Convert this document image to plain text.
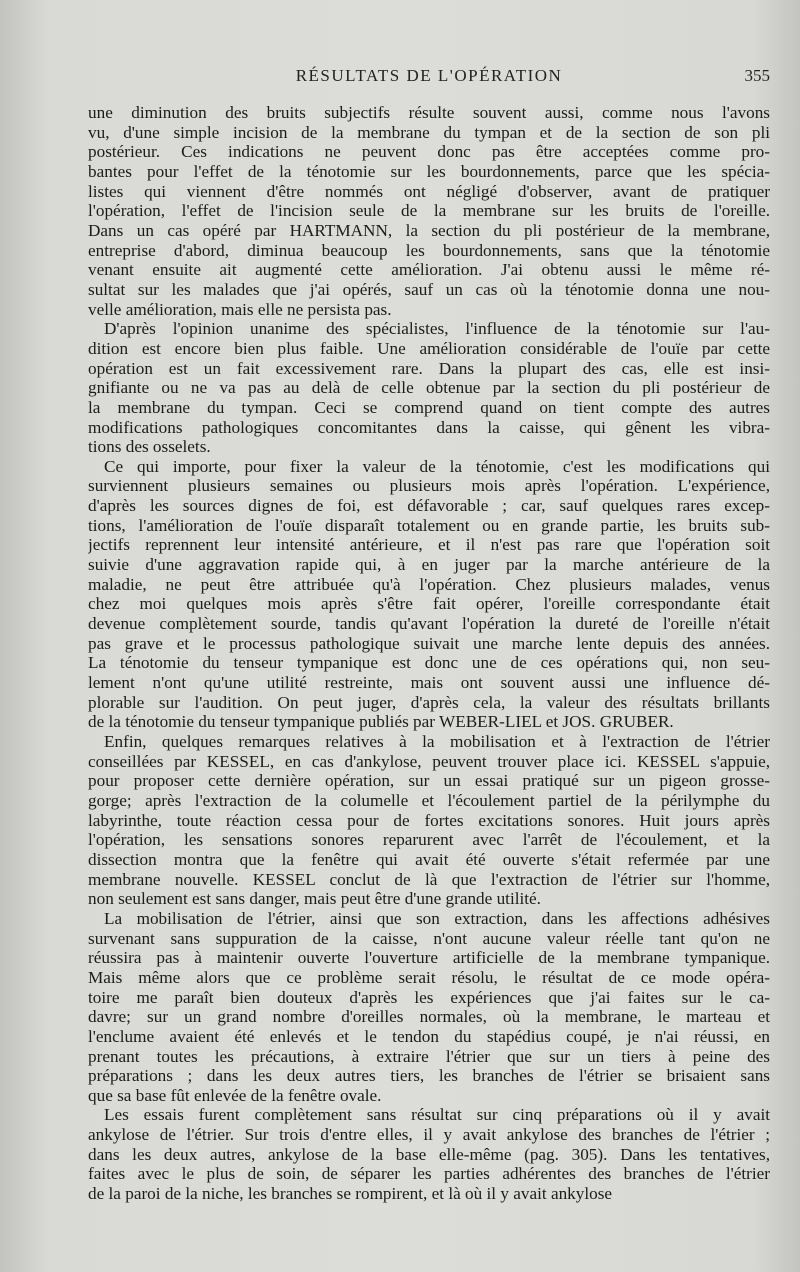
RÉSULTATS DE L'OPÉRATION	355
une diminution des bruits subjectifs résulte souvent aussi, comme nous l'avons
vu, d'une simple incision de la membrane du tympan et de la section de son pli
postérieur. Ces indications ne peuvent donc pas être acceptées comme pro-
bantes pour l'effet de la ténotomie sur les bourdonnements, parce que les spécia-
listes qui viennent d'être nommés ont négligé d'observer, avant de pratiquer
l'opération, l'effet de l'incision seule de la membrane sur les bruits de l'oreille.
Dans un cas opéré par HARTMANN, la section du pli postérieur de la membrane,
entreprise d'abord, diminua beaucoup les bourdonnements, sans que la ténotomie
venant ensuite ait augmenté cette amélioration. J'ai obtenu aussi le même ré-
sultat sur les malades que j'ai opérés, sauf un cas où la ténotomie donna une nou-
velle amélioration, mais elle ne persista pas.
D'après l'opinion unanime des spécialistes, l'influence de la ténotomie sur l'au-
dition est encore bien plus faible. Une amélioration considérable de l'ouïe par cette
opération est un fait excessivement rare. Dans la plupart des cas, elle est insi-
gnifiante ou ne va pas au delà de celle obtenue par la section du pli postérieur de
la membrane du tympan. Ceci se comprend quand on tient compte des autres
modifications pathologiques concomitantes dans la caisse, qui gênent les vibra-
tions des osselets.
Ce qui importe, pour fixer la valeur de la ténotomie, c'est les modifications qui
surviennent plusieurs semaines ou plusieurs mois après l'opération. L'expérience,
d'après les sources dignes de foi, est défavorable ; car, sauf quelques rares excep-
tions, l'amélioration de l'ouïe disparaît totalement ou en grande partie, les bruits sub-
jectifs reprennent leur intensité antérieure, et il n'est pas rare que l'opération soit
suivie d'une aggravation rapide qui, à en juger par la marche antérieure de la
maladie, ne peut être attribuée qu'à l'opération. Chez plusieurs malades, venus
chez moi quelques mois après s'être fait opérer, l'oreille correspondante était
devenue complètement sourde, tandis qu'avant l'opération la dureté de l'oreille n'était
pas grave et le processus pathologique suivait une marche lente depuis des années.
La ténotomie du tenseur tympanique est donc une de ces opérations qui, non seu-
lement n'ont qu'une utilité restreinte, mais ont souvent aussi une influence dé-
plorable sur l'audition. On peut juger, d'après cela, la valeur des résultats brillants
de la ténotomie du tenseur tympanique publiés par WEBER-LIEL et JOS. GRUBER.
Enfin, quelques remarques relatives à la mobilisation et à l'extraction de l'étrier
conseillées par KESSEL, en cas d'ankylose, peuvent trouver place ici. KESSEL s'appuie,
pour proposer cette dernière opération, sur un essai pratiqué sur un pigeon grosse-
gorge; après l'extraction de la columelle et l'écoulement partiel de la périlymphe du
labyrinthe, toute réaction cessa pour de fortes excitations sonores. Huit jours après
l'opération, les sensations sonores reparurent avec l'arrêt de l'écoulement, et la
dissection montra que la fenêtre qui avait été ouverte s'était refermée par une
membrane nouvelle. KESSEL conclut de là que l'extraction de l'étrier sur l'homme,
non seulement est sans danger, mais peut être d'une grande utilité.
La mobilisation de l'étrier, ainsi que son extraction, dans les affections adhésives
survenant sans suppuration de la caisse, n'ont aucune valeur réelle tant qu'on ne
réussira pas à maintenir ouverte l'ouverture artificielle de la membrane tympanique.
Mais même alors que ce problème serait résolu, le résultat de ce mode opéra-
toire me paraît bien douteux d'après les expériences que j'ai faites sur le ca-
davre; sur un grand nombre d'oreilles normales, où la membrane, le marteau et
l'enclume avaient été enlevés et le tendon du stapédius coupé, je n'ai réussi, en
prenant toutes les précautions, à extraire l'étrier que sur un tiers à peine des
préparations ; dans les deux autres tiers, les branches de l'étrier se brisaient sans
que sa base fût enlevée de la fenêtre ovale.
Les essais furent complètement sans résultat sur cinq préparations où il y avait
ankylose de l'étrier. Sur trois d'entre elles, il y avait ankylose des branches de l'étrier ;
dans les deux autres, ankylose de la base elle-même (pag. 305). Dans les tentatives,
faites avec le plus de soin, de séparer les parties adhérentes des branches de l'étrier
de la paroi de la niche, les branches se rompirent, et là où il y avait ankylose
